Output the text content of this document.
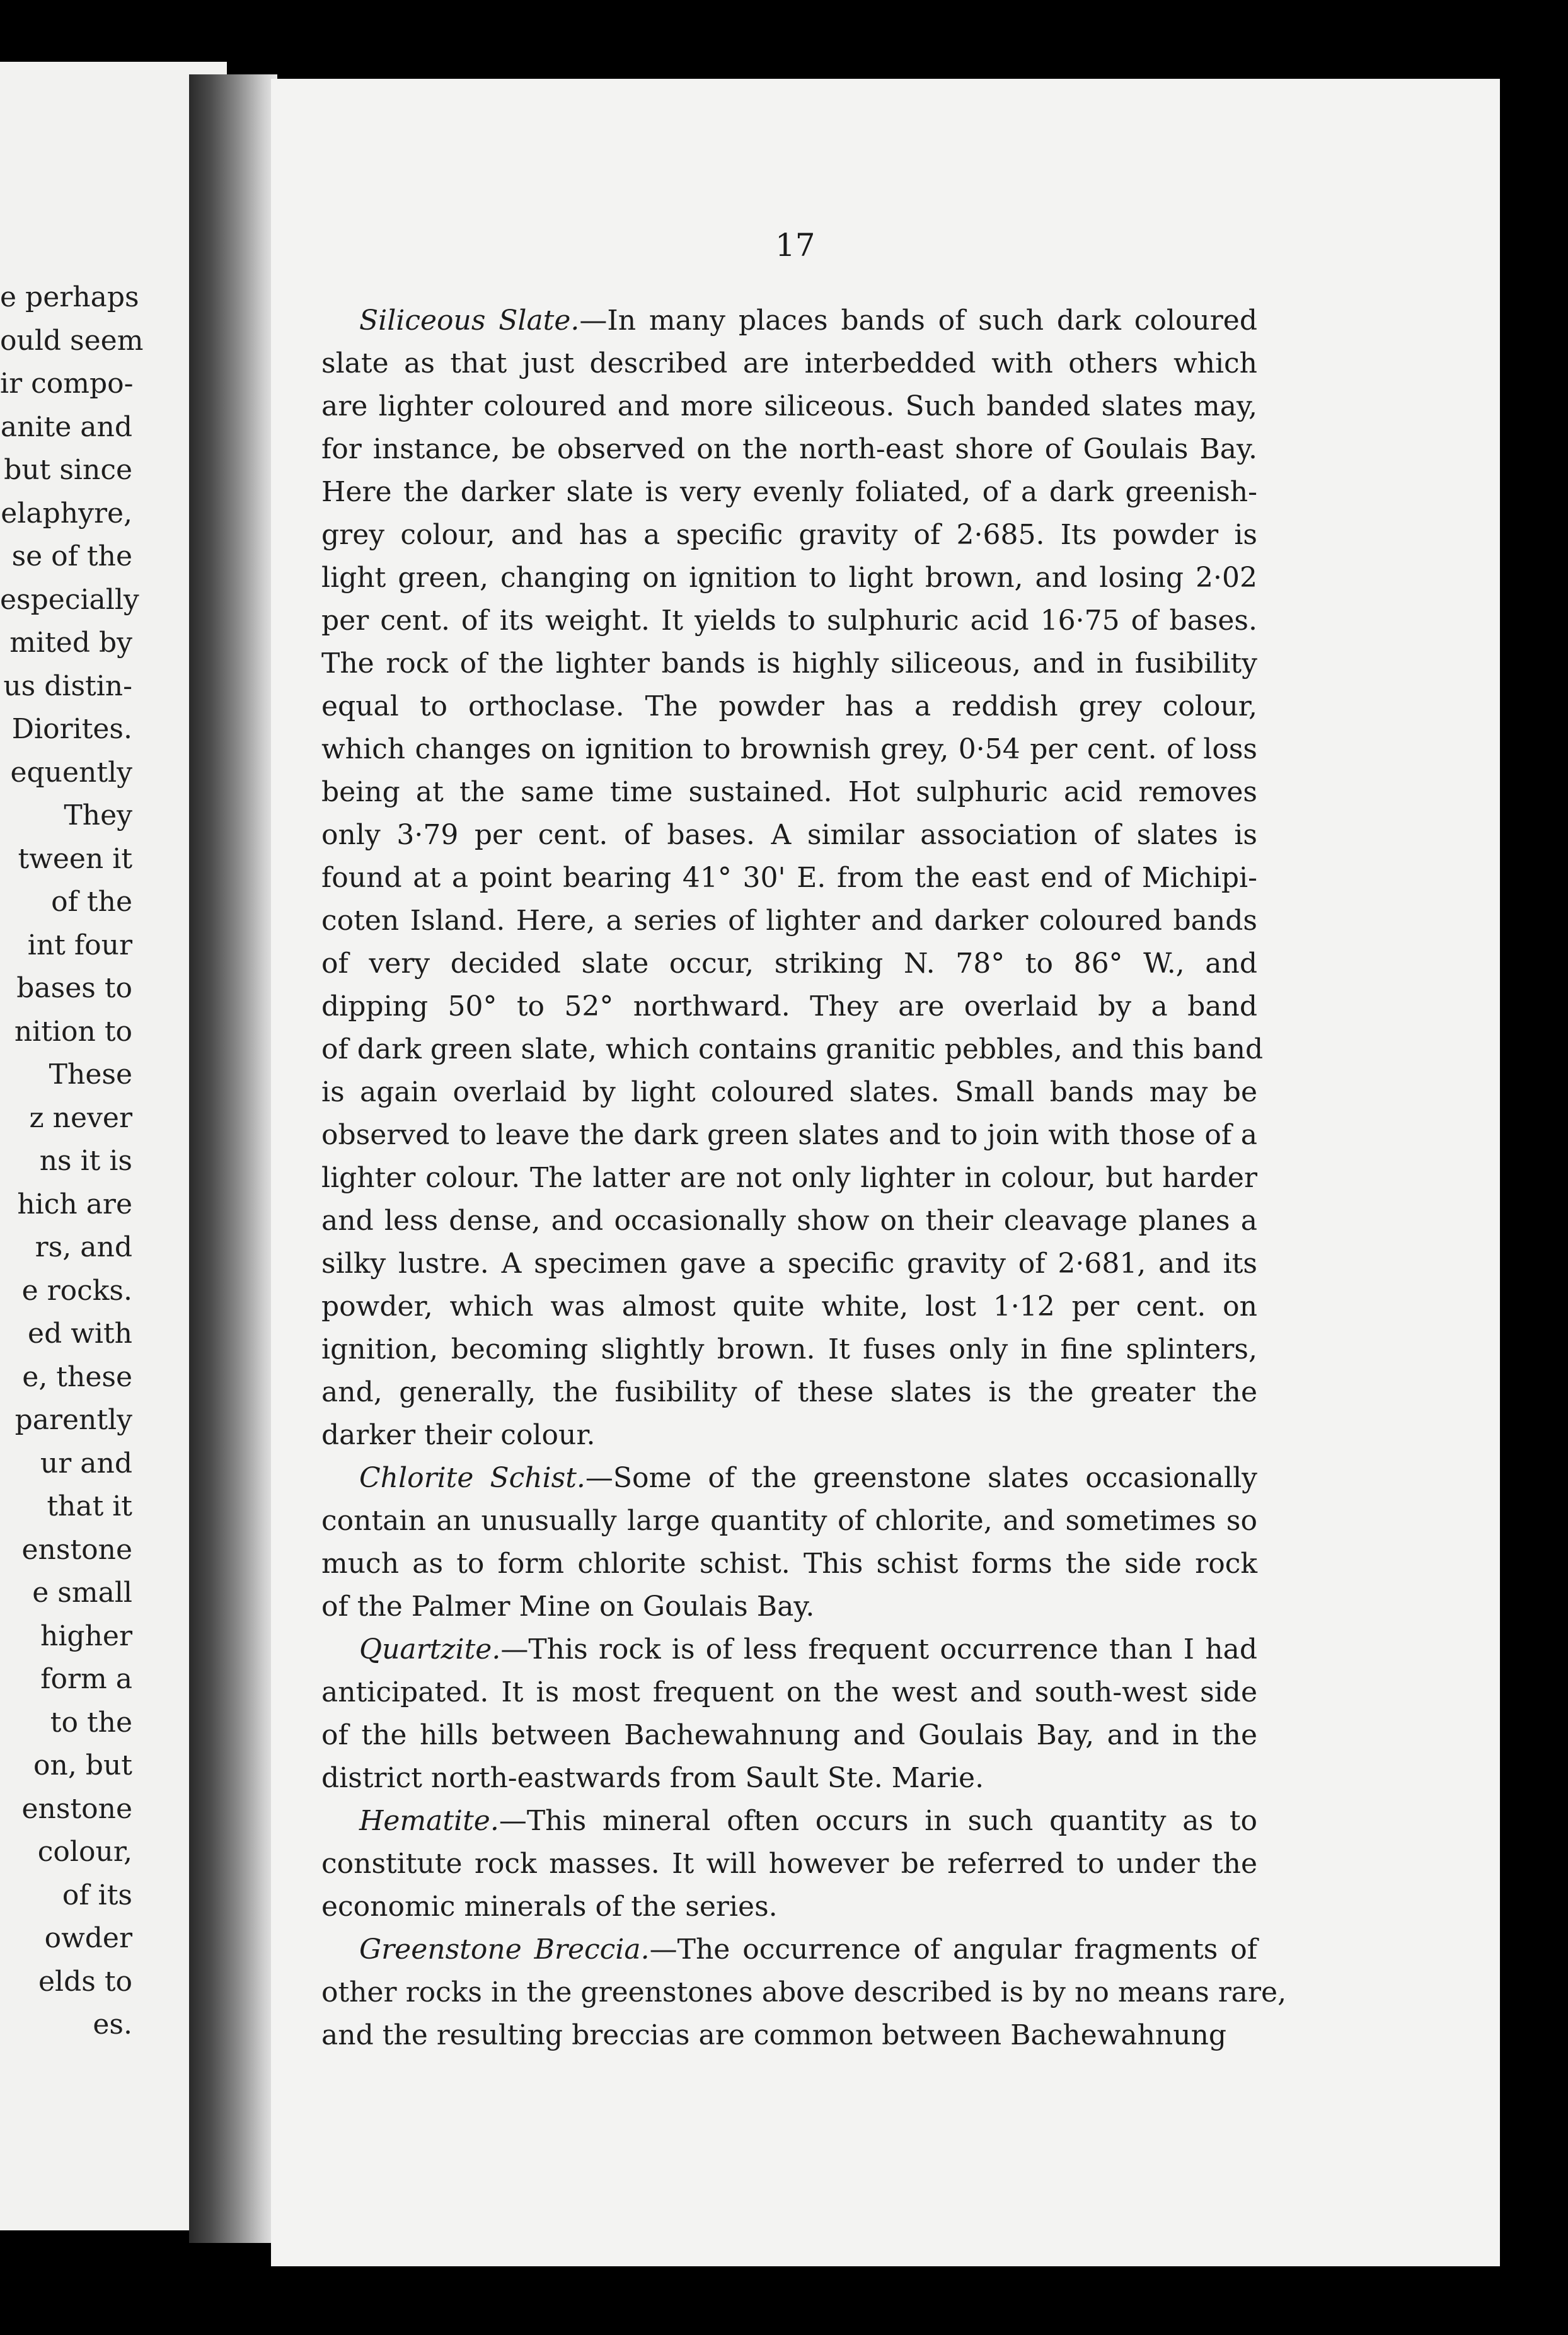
e perhaps
ould seem
ir compo-
anite and
but since
elaphyre,
se of the
especially
mited by
us distin-
Diorites.
equently
They
tween it
of the
int four
bases to
nition to
These
z never
ns it is
hich are
rs, and
e rocks.
ed with
e, these
parently
ur and
that it
enstone
e small
higher
form a
to the
on, but
enstone
colour,
of its
owder
elds to
es.
17
Siliceous Slate.—In many places bands of such dark coloured
slate as that just described are interbedded with others which
are lighter coloured and more siliceous. Such banded slates may,
for instance, be observed on the north-east shore of Goulais Bay.
Here the darker slate is very evenly foliated, of a dark greenish-
grey colour, and has a specific gravity of 2·685. Its powder is
light green, changing on ignition to light brown, and losing 2·02
per cent. of its weight. It yields to sulphuric acid 16·75 of bases.
The rock of the lighter bands is highly siliceous, and in fusibility
equal to orthoclase. The powder has a reddish grey colour,
which changes on ignition to brownish grey, 0·54 per cent. of loss
being at the same time sustained. Hot sulphuric acid removes
only 3·79 per cent. of bases. A similar association of slates is
found at a point bearing 41° 30' E. from the east end of Michipi-
coten Island. Here, a series of lighter and darker coloured bands
of very decided slate occur, striking N. 78° to 86° W., and
dipping 50° to 52° northward. They are overlaid by a band
of dark green slate, which contains granitic pebbles, and this band
is again overlaid by light coloured slates. Small bands may be
observed to leave the dark green slates and to join with those of a
lighter colour. The latter are not only lighter in colour, but harder
and less dense, and occasionally show on their cleavage planes a
silky lustre. A specimen gave a specific gravity of 2·681, and its
powder, which was almost quite white, lost 1·12 per cent. on
ignition, becoming slightly brown. It fuses only in fine splinters,
and, generally, the fusibility of these slates is the greater the
darker their colour.
Chlorite Schist.—Some of the greenstone slates occasionally
contain an unusually large quantity of chlorite, and sometimes so
much as to form chlorite schist. This schist forms the side rock
of the Palmer Mine on Goulais Bay.
Quartzite.—This rock is of less frequent occurrence than I had
anticipated. It is most frequent on the west and south-west side
of the hills between Bachewahnung and Goulais Bay, and in the
district north-eastwards from Sault Ste. Marie.
Hematite.—This mineral often occurs in such quantity as to
constitute rock masses. It will however be referred to under the
economic minerals of the series.
Greenstone Breccia.—The occurrence of angular fragments of
other rocks in the greenstones above described is by no means rare,
and the resulting breccias are common between Bachewahnung
